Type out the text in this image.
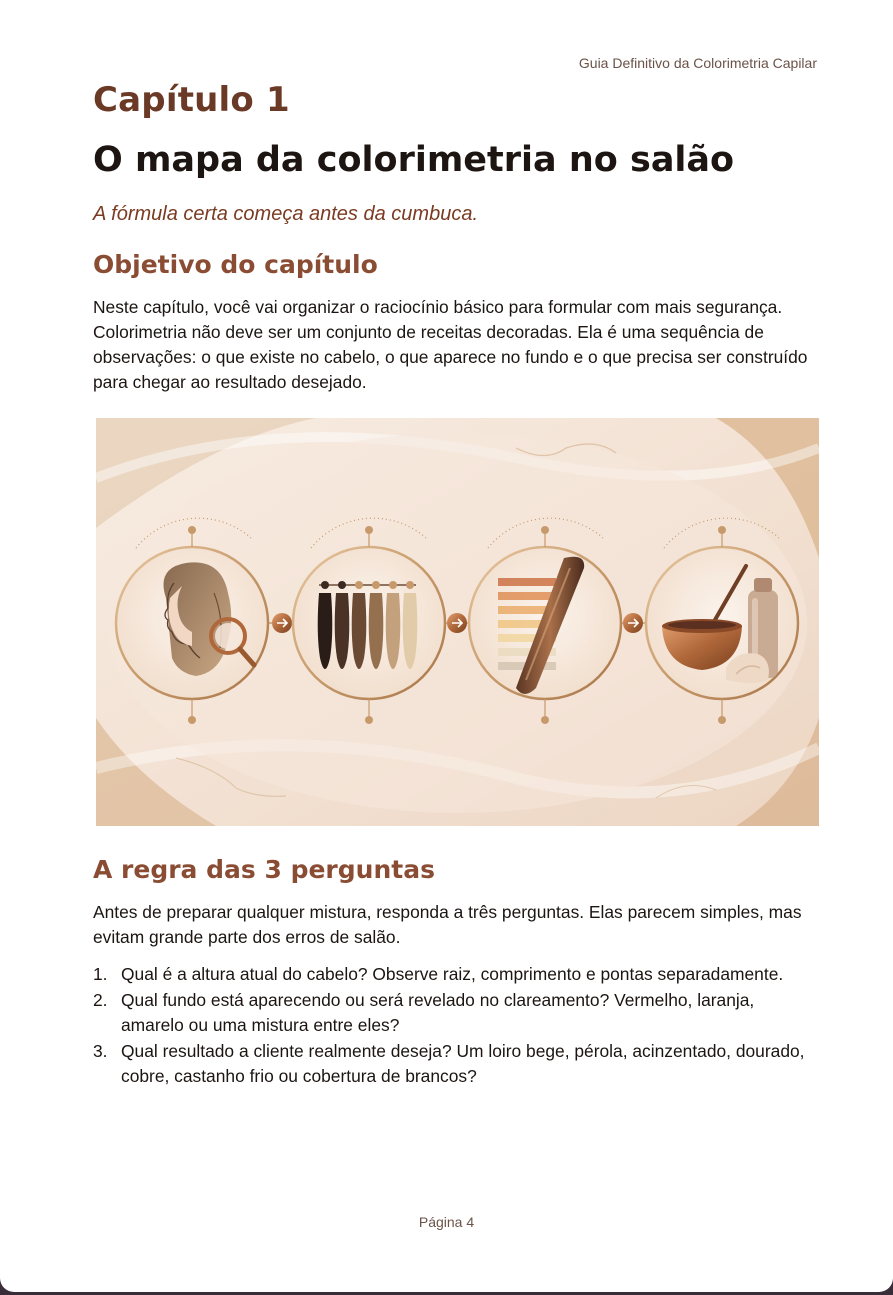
Guia Definitivo da Colorimetria Capilar
Capítulo 1
O mapa da colorimetria no salão

A fórmula certa começa antes da cumbuca.

Objetivo do capítulo

Neste capítulo, você vai organizar o raciocínio básico para formular com mais segurança. Colorimetria não deve ser um conjunto de receitas decoradas. Ela é uma sequência de observações: o que existe no cabelo, o que aparece no fundo e o que precisa ser construído para chegar ao resultado desejado.

A regra das 3 perguntas

Antes de preparar qualquer mistura, responda a três perguntas. Elas parecem simples, mas evitam grande parte dos erros de salão.

1. Qual é a altura atual do cabelo? Observe raiz, comprimento e pontas separadamente.
2. Qual fundo está aparecendo ou será revelado no clareamento? Vermelho, laranja, amarelo ou uma mistura entre eles?
3. Qual resultado a cliente realmente deseja? Um loiro bege, pérola, acinzentado, dourado, cobre, castanho frio ou cobertura de brancos?
Página 4
